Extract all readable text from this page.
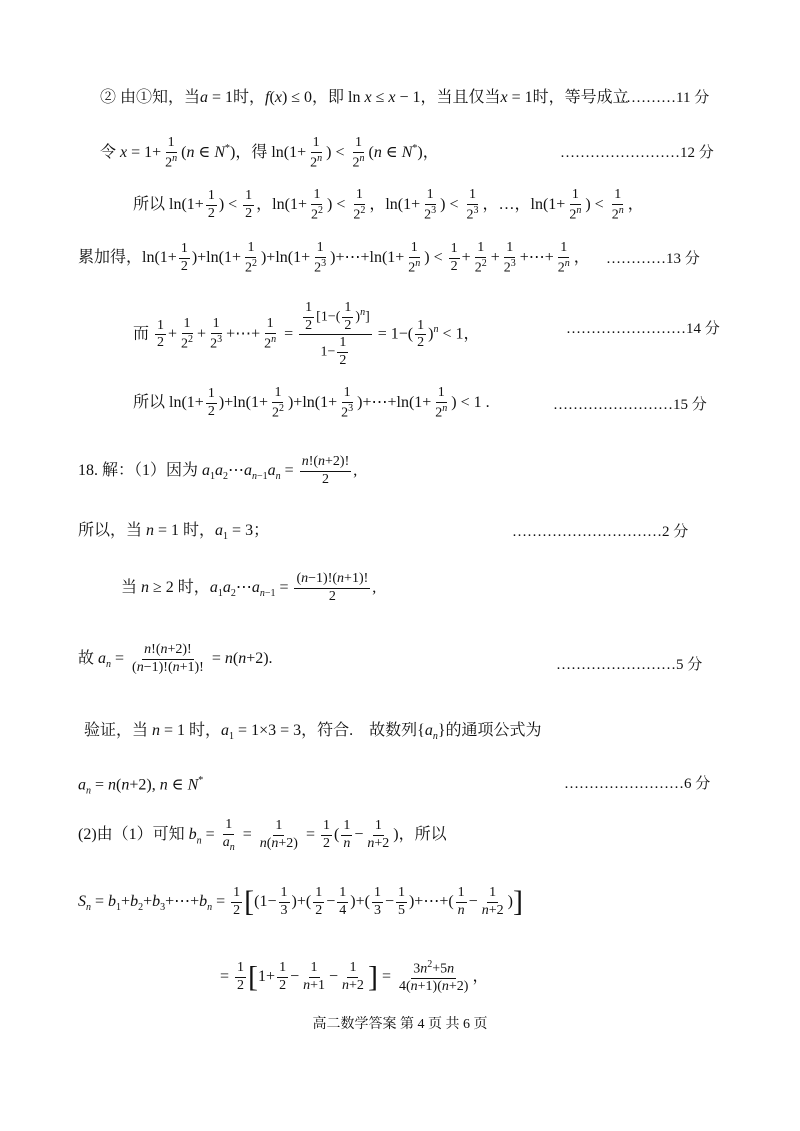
② 由①知，当a = 1时，f(x) ≤ 0，即 ln x ≤ x − 1，当且仅当x = 1时，等号成立
…………11 分
令 $x = 1+ \frac{1}{2^n} (n$ ∈ N*)，得 $\ln(1+ \frac{1}{2^n}$ ) < $\frac{1}{2^n} (n$ ∈ N*)，	……………………12 分
所以 $\ln(1+ \frac{1}{2}$ ) < $\frac{1}{2}$ ，$\ln(1+ \frac{1}{2^2}$ ) < $\frac{1}{2^2}$ ，$\ln(1+ \frac{1}{2^3}$ ) < $\frac{1}{2^3}$ ，…，$\ln(1+ \frac{1}{2^n}$ ) < $\frac{1}{2^n}$ ，
累加得，$\ln(1+ \frac{1}{2} )+\ln(1+ \frac{1}{2^2} )+\ln(1+ \frac{1}{2^3}$ )+⋯+ln(1+ $\frac{1}{2^n}$ ) < $\frac{1}{2} + \frac{1}{2^2} + \frac{1}{2^3}$ +⋯+ $\frac{1}{2^n}$ ， …………13 分
而 $\frac{1}{2} + \frac{1}{2^2} + \frac{1}{2^3}$ +⋯+ $\frac{1}{2^n} = \frac{\frac{1}{2} [1-( \frac{1}{2} )^n]}{1- \frac{1}{2}} = 1-( \frac{1}{2} )^n < 1$，	……………………14 分
所以 $\ln(1+ \frac{1}{2} )+\ln(1+ \frac{1}{2^2} )+\ln(1+ \frac{1}{2^3}$ )+⋯+ln(1+ $\frac{1}{2^n}$ ) < 1 .	……………………15 分
18. 解：（1）因为 $a_1a_2\cdots a_{n-1}a_n = \frac{n!(n+2)!}{2}$ ,
所以，当 n = 1 时，$a_1 = 3$；	…………………………2 分
当 n ≥ 2 时，$a_1a_2\cdots a_{n-1} = \frac{(n-1)!(n+1)!}{2}$ ,
故 $a_n = \frac{n!(n+2)!}{(n-1)!(n+1)!} = n(n+2)$.	……………………5 分
验证，当 n = 1 时，$a_1 = 1\times 3 = 3$，符合.　故数列$\{a_n\}$的通项公式为
$a_n = n(n+2)$, n ∈ N*	……………………6 分
(2)由（1）可知 $b_n = \frac{1}{a_n} = \frac{1}{n(n+2)} = \frac{1}{2}$ ( $\frac{1}{n} - \frac{1}{n+2}$ )，所以
$S_n$ = $b_1+b_2+b_3+\cdots+b_n = \frac{1}{2} [(1- \frac{1}{3}$ )+( $\frac{1}{2} - \frac{1}{4}$ )+( $\frac{1}{3} - \frac{1}{5}$ )+⋯+( $\frac{1}{n} - \frac{1}{n+2}$ )]
= $\frac{1}{2} [1+ \frac{1}{2} - \frac{1}{n+1} - \frac{1}{n+2}$ ] = $\frac{3n^2+5n}{4(n+1)(n+2)}$ ，
高二数学答案 第 4 页 共 6 页
